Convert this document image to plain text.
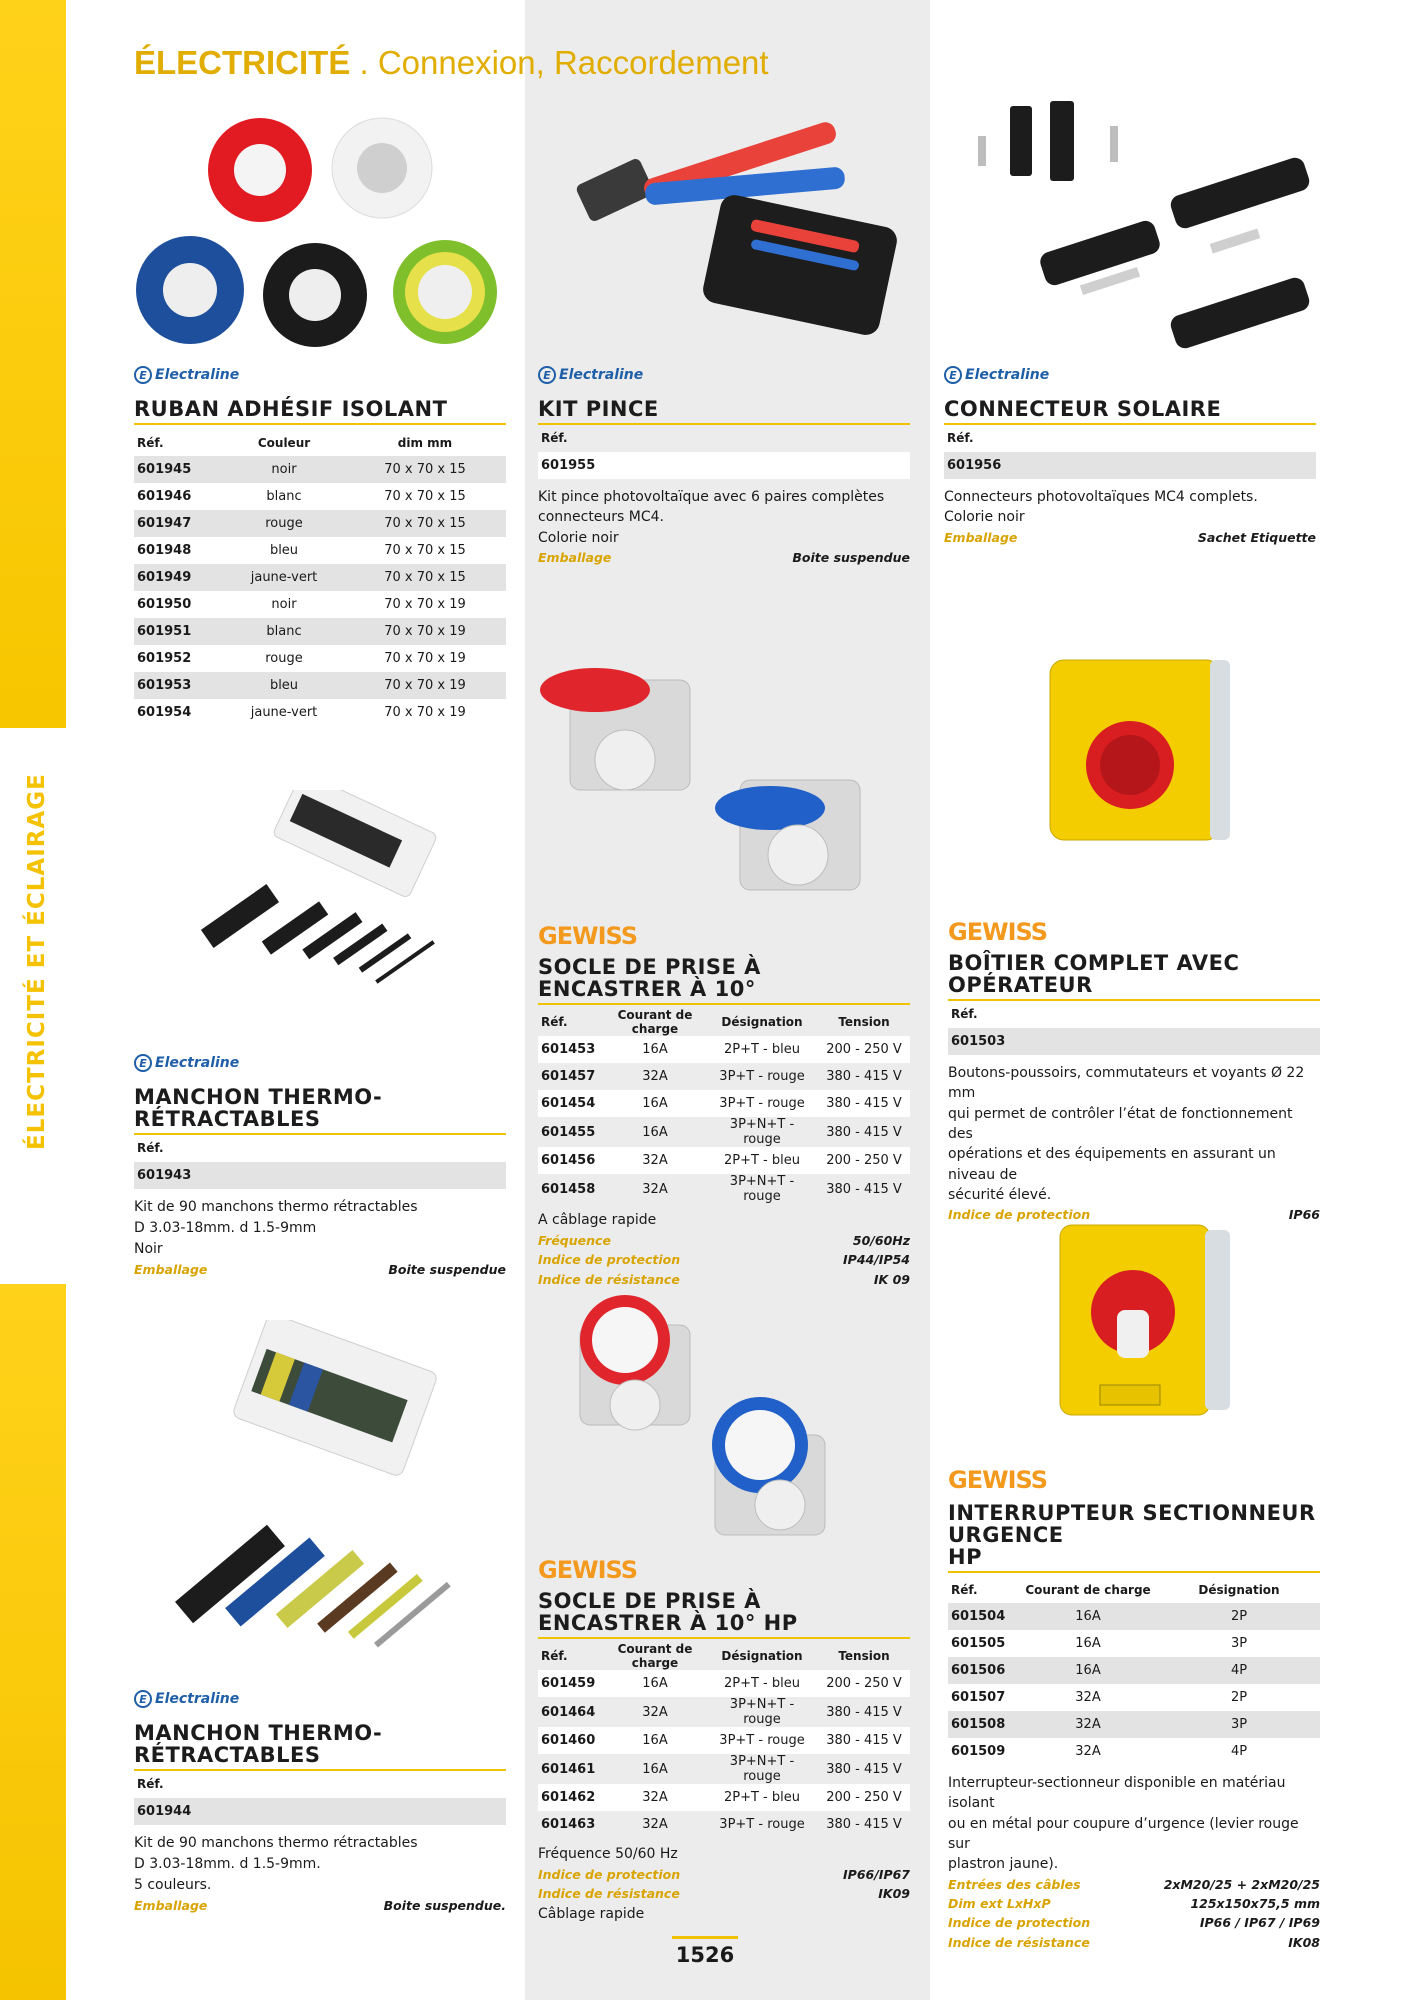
ÉLECTRICITÉ ET ÉCLAIRAGE
ÉLECTRICITÉ . Connexion, Raccordement
E Electraline
RUBAN ADHÉSIF ISOLANT
Réf.	Couleur	dim mm
601945	noir	70 x 70 x 15
601946	blanc	70 x 70 x 15
601947	rouge	70 x 70 x 15
601948	bleu	70 x 70 x 15
601949	jaune-vert	70 x 70 x 15
601950	noir	70 x 70 x 19
601951	blanc	70 x 70 x 19
601952	rouge	70 x 70 x 19
601953	bleu	70 x 70 x 19
601954	jaune-vert	70 x 70 x 19
E Electraline
MANCHON THERMO-RÉTRACTABLES
Réf.
601943
Kit de 90 manchons thermo rétractables
D 3.03-18mm. d 1.5-9mm
Noir
Emballage	Boite suspendue
E Electraline
MANCHON THERMO-RÉTRACTABLES
Réf.
601944
Kit de 90 manchons thermo rétractables
D 3.03-18mm. d 1.5-9mm.
5 couleurs.
Emballage	Boite suspendue.
E Electraline
KIT PINCE
Réf.
601955
Kit pince photovoltaïque avec 6 paires complètes
connecteurs MC4.
Colorie noir
Emballage	Boite suspendue
GEWISS
SOCLE DE PRISE À ENCASTRER À 10°
Réf.	Courant de charge	Désignation	Tension
601453	16A	2P+T - bleu	200 - 250 V
601457	32A	3P+T - rouge	380 - 415 V
601454	16A	3P+T - rouge	380 - 415 V
601455	16A	3P+N+T - rouge	380 - 415 V
601456	32A	2P+T - bleu	200 - 250 V
601458	32A	3P+N+T - rouge	380 - 415 V
A câblage rapide
Fréquence	50/60Hz
Indice de protection	IP44/IP54
Indice de résistance	IK 09
GEWISS
SOCLE DE PRISE À ENCASTRER À 10° HP
Réf.	Courant de charge	Désignation	Tension
601459	16A	2P+T - bleu	200 - 250 V
601464	32A	3P+N+T - rouge	380 - 415 V
601460	16A	3P+T - rouge	380 - 415 V
601461	16A	3P+N+T - rouge	380 - 415 V
601462	32A	2P+T - bleu	200 - 250 V
601463	32A	3P+T - rouge	380 - 415 V
Fréquence 50/60 Hz
Indice de protection	IP66/IP67
Indice de résistance	IK09
Câblage rapide
1526
E Electraline
CONNECTEUR SOLAIRE
Réf.
601956
Connecteurs photovoltaïques MC4 complets.
Colorie noir
Emballage	Sachet Etiquette
GEWISS
BOÎTIER COMPLET AVEC OPÉRATEUR
Réf.
601503
Boutons-poussoirs, commutateurs et voyants Ø 22 mm
qui permet de contrôler l’état de fonctionnement des
opérations et des équipements en assurant un niveau de
sécurité élevé.
Indice de protection	IP66
GEWISS
INTERRUPTEUR SECTIONNEUR URGENCE
HP
Réf.	Courant de charge	Désignation
601504	16A	2P
601505	16A	3P
601506	16A	4P
601507	32A	2P
601508	32A	3P
601509	32A	4P
Interrupteur-sectionneur disponible en matériau isolant
ou en métal pour coupure d’urgence (levier rouge sur
plastron jaune).
Entrées des câbles	2xM20/25 + 2xM20/25
Dim ext LxHxP	125x150x75,5 mm
Indice de protection	IP66 / IP67 / IP69
Indice de résistance	IK08
